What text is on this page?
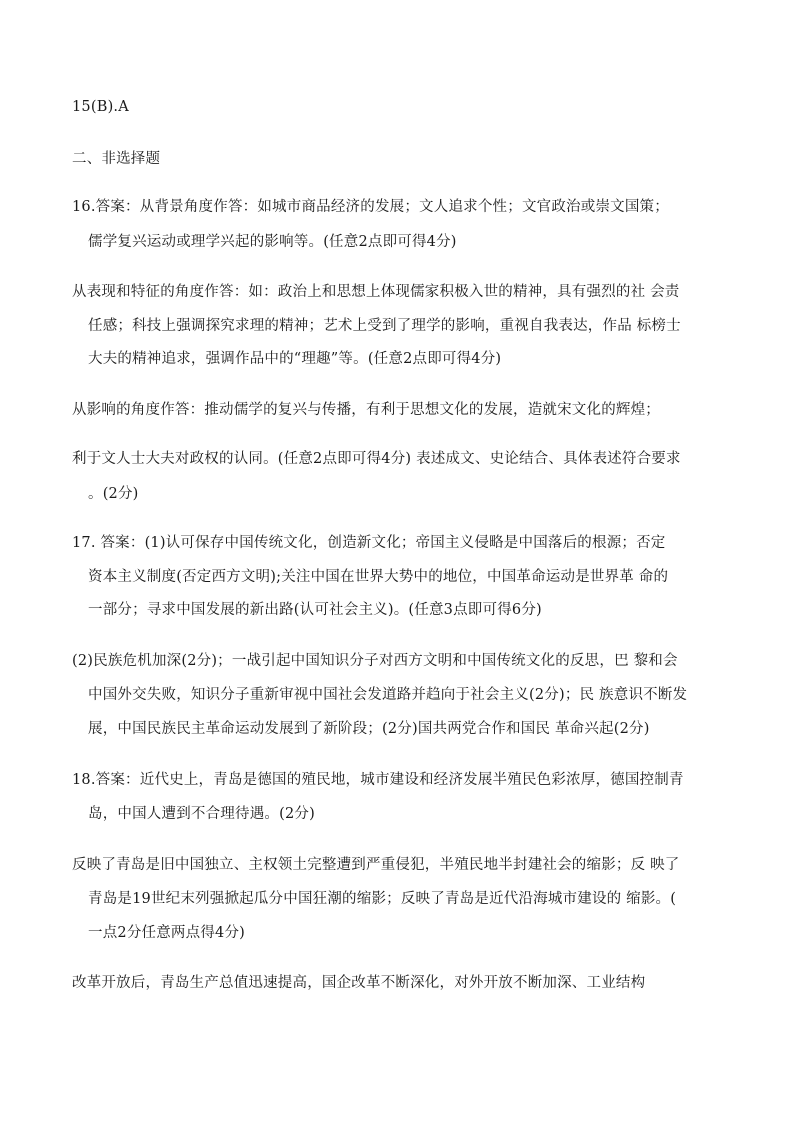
15(B).A
二、非选择题
16.答案：从背景角度作答：如城市商品经济的发展；文人追求个性；文官政治或崇文国策；
儒学复兴运动或理学兴起的影响等。(任意2点即可得4分)
从表现和特征的角度作答：如：政治上和思想上体现儒家积极入世的精神，具有强烈的社 会责
任感；科技上强调探究求理的精神；艺术上受到了理学的影响，重视自我表达，作品 标榜士
大夫的精神追求，强调作品中的“理趣”等。(任意2点即可得4分)
从影响的角度作答：推动儒学的复兴与传播，有利于思想文化的发展，造就宋文化的辉煌；
利于文人士大夫对政权的认同。(任意2点即可得4分) 表述成文、史论结合、具体表述符合要求
。(2分)
17. 答案：(1)认可保存中国传统文化，创造新文化；帝国主义侵略是中国落后的根源；否定
资本主义制度(否定西方文明);关注中国在世界大势中的地位，中国革命运动是世界革 命的
一部分；寻求中国发展的新出路(认可社会主义)。(任意3点即可得6分)
(2)民族危机加深(2分)；一战引起中国知识分子对西方文明和中国传统文化的反思，巴 黎和会
中国外交失败，知识分子重新审视中国社会发道路并趋向于社会主义(2分)；民 族意识不断发
展，中国民族民主革命运动发展到了新阶段；(2分)国共两党合作和国民 革命兴起(2分)
18.答案：近代史上，青岛是德国的殖民地，城市建设和经济发展半殖民色彩浓厚，德国控制青
岛，中国人遭到不合理待遇。(2分)
反映了青岛是旧中国独立、主权领土完整遭到严重侵犯，半殖民地半封建社会的缩影；反 映了
青岛是19世纪末列强掀起瓜分中国狂潮的缩影；反映了青岛是近代沿海城市建设的 缩影。(
一点2分任意两点得4分)
改革开放后，青岛生产总值迅速提高，国企改革不断深化，对外开放不断加深、工业结构
